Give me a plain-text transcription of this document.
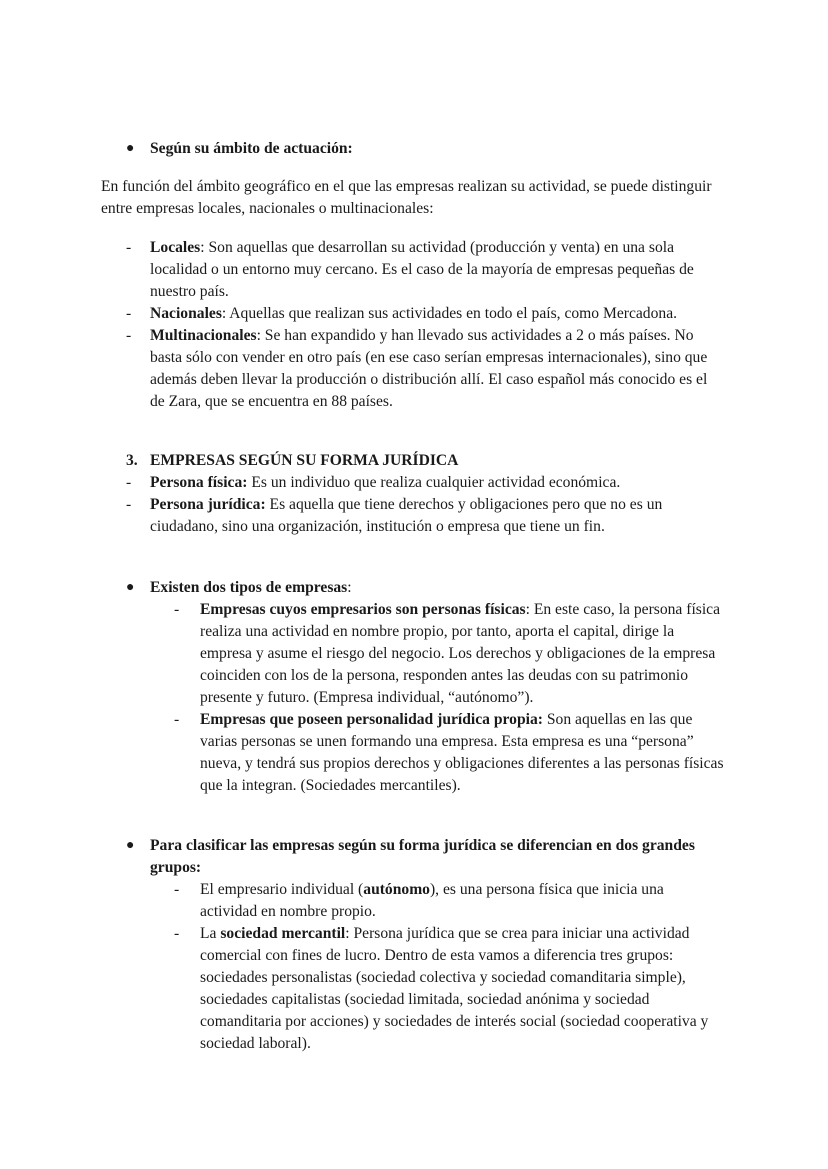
● Según su ámbito de actuación:
En función del ámbito geográfico en el que las empresas realizan su actividad, se puede distinguir entre empresas locales, nacionales o multinacionales:
- Locales: Son aquellas que desarrollan su actividad (producción y venta) en una sola localidad o un entorno muy cercano. Es el caso de la mayoría de empresas pequeñas de nuestro país.
- Nacionales: Aquellas que realizan sus actividades en todo el país, como Mercadona.
- Multinacionales: Se han expandido y han llevado sus actividades a 2 o más países. No basta sólo con vender en otro país (en ese caso serían empresas internacionales), sino que además deben llevar la producción o distribución allí. El caso español más conocido es el de Zara, que se encuentra en 88 países.
3. EMPRESAS SEGÚN SU FORMA JURÍDICA
- Persona física: Es un individuo que realiza cualquier actividad económica.
- Persona jurídica: Es aquella que tiene derechos y obligaciones pero que no es un ciudadano, sino una organización, institución o empresa que tiene un fin.
● Existen dos tipos de empresas:
- Empresas cuyos empresarios son personas físicas: En este caso, la persona física realiza una actividad en nombre propio, por tanto, aporta el capital, dirige la empresa y asume el riesgo del negocio. Los derechos y obligaciones de la empresa coinciden con los de la persona, responden antes las deudas con su patrimonio presente y futuro. (Empresa individual, “autónomo”).
- Empresas que poseen personalidad jurídica propia: Son aquellas en las que varias personas se unen formando una empresa. Esta empresa es una “persona” nueva, y tendrá sus propios derechos y obligaciones diferentes a las personas físicas que la integran. (Sociedades mercantiles).
● Para clasificar las empresas según su forma jurídica se diferencian en dos grandes grupos:
- El empresario individual (autónomo), es una persona física que inicia una actividad en nombre propio.
- La sociedad mercantil: Persona jurídica que se crea para iniciar una actividad comercial con fines de lucro. Dentro de esta vamos a diferencia tres grupos: sociedades personalistas (sociedad colectiva y sociedad comanditaria simple), sociedades capitalistas (sociedad limitada, sociedad anónima y sociedad comanditaria por acciones) y sociedades de interés social (sociedad cooperativa y sociedad laboral).
